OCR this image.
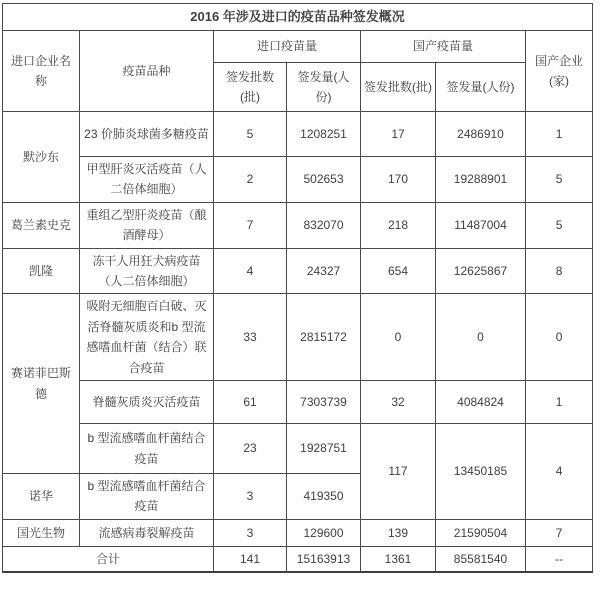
2016 年涉及进口的疫苗品种签发概况						
进口企业名称	疫苗品种	进口疫苗量		国产疫苗量		国产企业(家)
		签发批数(批)	签发量(人份)	签发批数(批)	签发量(人份)	
默沙东	23 价肺炎球菌多糖疫苗	5	1208251	17	2486910	1
	甲型肝炎灭活疫苗（人二倍体细胞）	2	502653	170	19288901	5
葛兰素史克	重组乙型肝炎疫苗（酿酒酵母）	7	832070	218	11487004	5
凯隆	冻干人用狂犬病疫苗（人二倍体细胞）	4	24327	654	12625867	8
赛诺菲巴斯德	吸附无细胞百白破、灭活脊髓灰质炎和b 型流感嗜血杆菌（结合）联合疫苗	33	2815172	0	0	0
	脊髓灰质炎灭活疫苗	61	7303739	32	4084824	1
	b 型流感嗜血杆菌结合疫苗	23	1928751	117	13450185	4
诺华	b 型流感嗜血杆菌结合疫苗	3	419350			
国光生物	流感病毒裂解疫苗	3	129600	139	21590504	7
合计		141	15163913	1361	85581540	--
